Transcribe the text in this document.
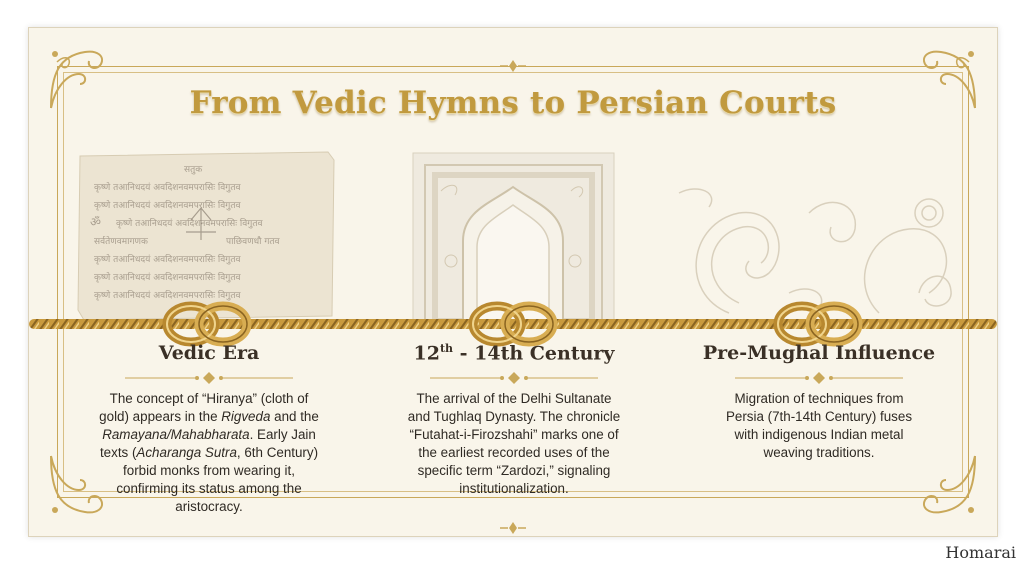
From Vedic Hymns to Persian Courts
सतुक
कृष्णे तआनिधदयं अवदिशनवमपरासिः विगुतव
कृष्णे तआनिधदयं अवदिशनवमपरासिः विगुतव
ॐ कृष्णे तआनिधदयं अवदिशनवमपरासिः विगुतव
सर्वतेणवमागणक	पाछिवणधौ गतव
कृष्णे तआनिधदयं अवदिशनवमपरासिः विगुतव
कृष्णे तआनिधदयं अवदिशनवमपरासिः विगुतव
कृष्णे तआनिधदयं अवदिशनवमपरासिः विगुतव
Vedic Era
The concept of “Hiranya” (cloth of
gold) appears in the Rigveda and the
Ramayana/Mahabharata. Early Jain
texts (Acharanga Sutra, 6th Century)
forbid monks from wearing it,
confirming its status among the
aristocracy.
12th - 14th Century
The arrival of the Delhi Sultanate
and Tughlaq Dynasty. The chronicle
“Futahat-i-Firozshahi” marks one of
the earliest recorded uses of the
specific term “Zardozi,” signaling
institutionalization.
Pre-Mughal Influence
Migration of techniques from
Persia (7th-14th Century) fuses
with indigenous Indian metal
weaving traditions.
Homarai
